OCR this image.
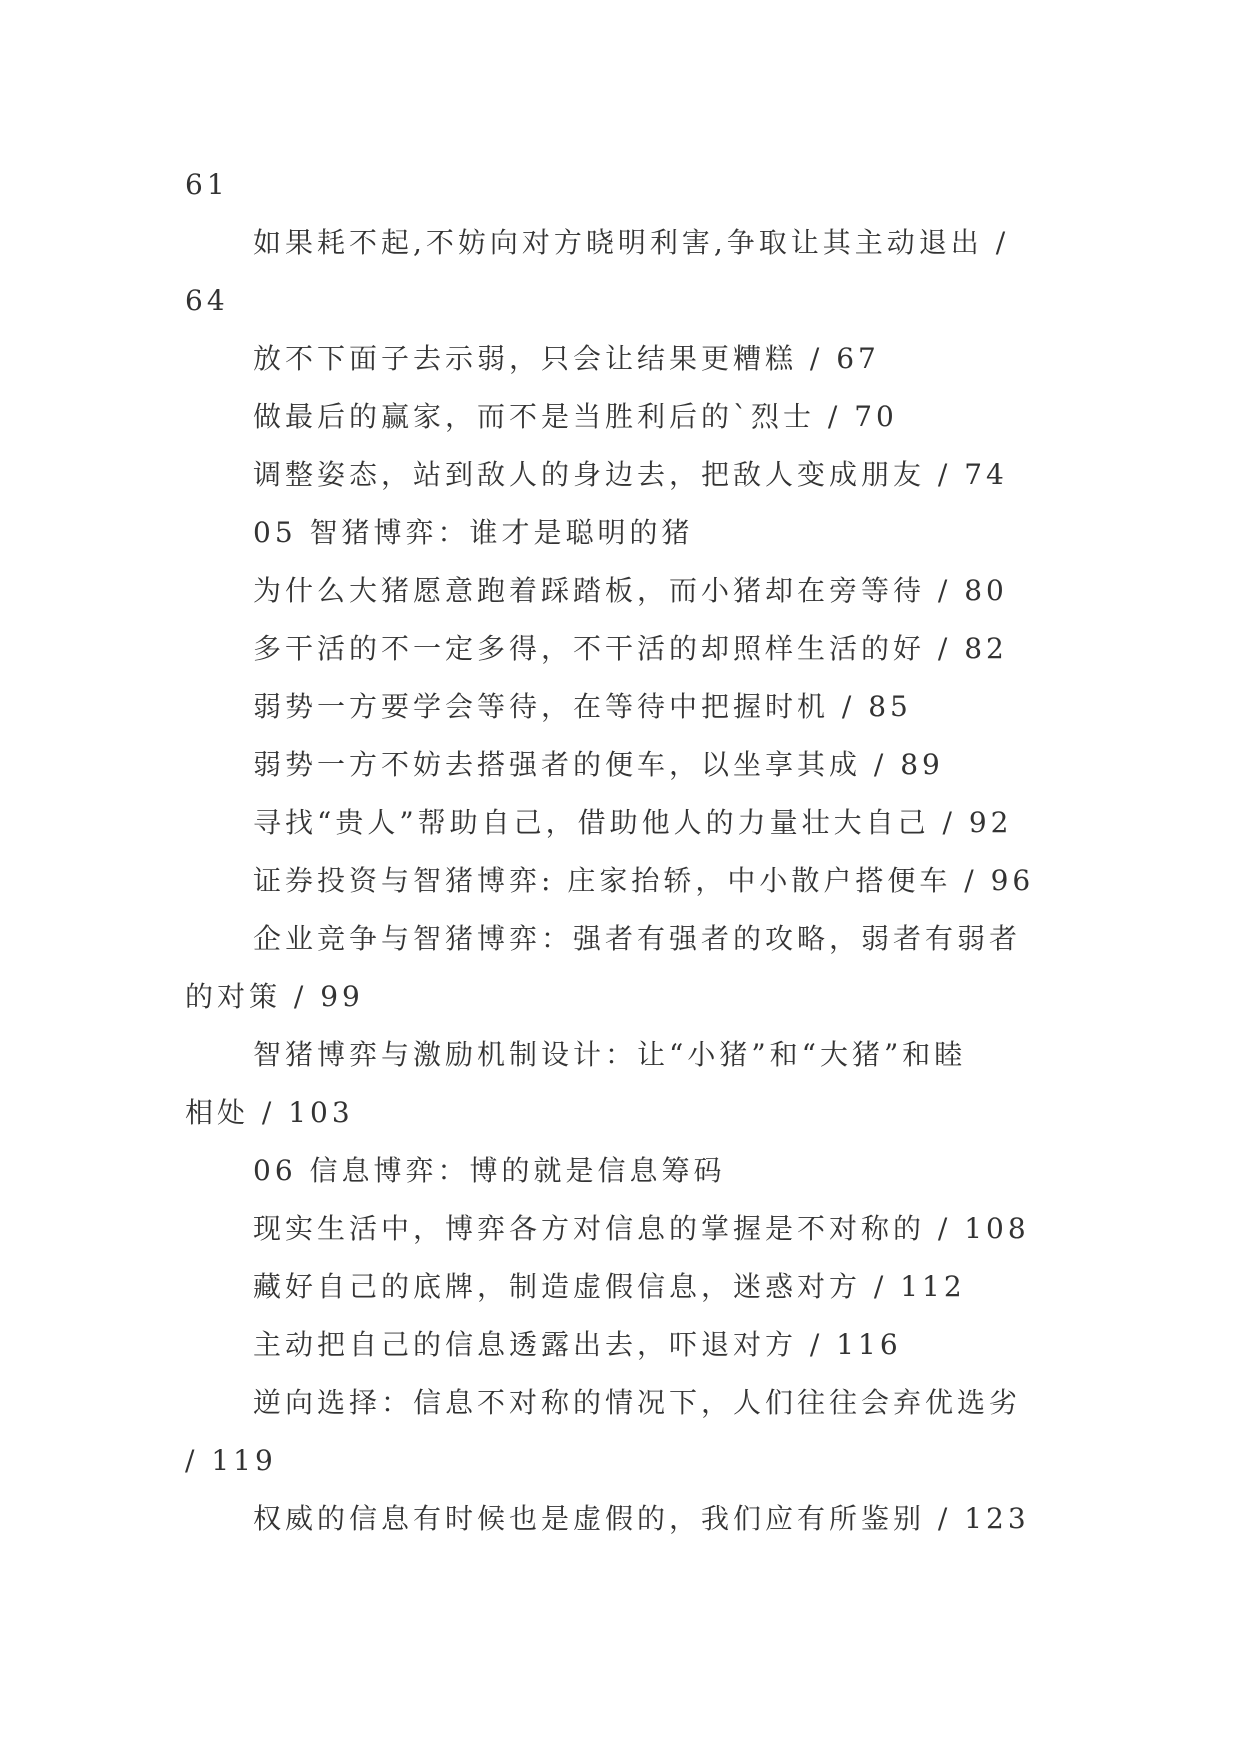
61
如果耗不起,不妨向对方晓明利害,争取让其主动退出 /
64
放不下面子去示弱，只会让结果更糟糕 / 67
做最后的赢家，而不是当胜利后的`烈士 / 70
调整姿态，站到敌人的身边去，把敌人变成朋友 / 74
05 智猪博弈：谁才是聪明的猪
为什么大猪愿意跑着踩踏板，而小猪却在旁等待 / 80
多干活的不一定多得，不干活的却照样生活的好 / 82
弱势一方要学会等待，在等待中把握时机 / 85
弱势一方不妨去搭强者的便车，以坐享其成 / 89
寻找“贵人”帮助自己，借助他人的力量壮大自己 / 92
证券投资与智猪博弈: 庄家抬轿，中小散户搭便车 / 96
企业竞争与智猪博弈：强者有强者的攻略，弱者有弱者
的对策 / 99
智猪博弈与激励机制设计：让“小猪”和“大猪”和睦
相处 / 103
06 信息博弈：博的就是信息筹码
现实生活中，博弈各方对信息的掌握是不对称的 / 108
藏好自己的底牌，制造虚假信息，迷惑对方 / 112
主动把自己的信息透露出去，吓退对方 / 116
逆向选择：信息不对称的情况下，人们往往会弃优选劣
/ 119
权威的信息有时候也是虚假的，我们应有所鉴别 / 123
